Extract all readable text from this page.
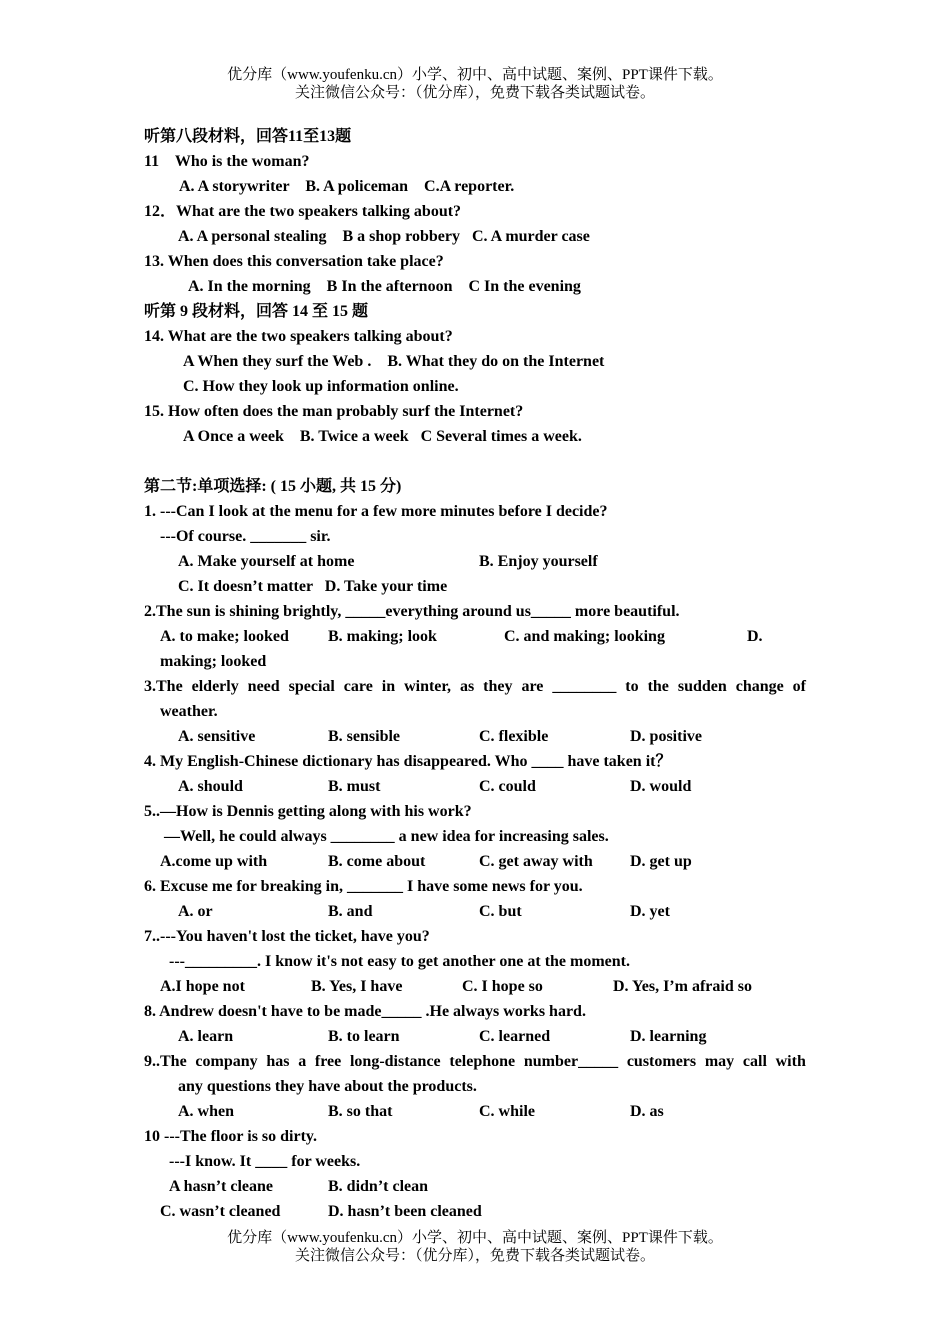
优分库（www.youfenku.cn）小学、初中、高中试题、案例、PPT课件下载。
关注微信公众号：（优分库），免费下载各类试题试卷。
听第八段材料，回答11至13题
11    Who is the woman?
A. A storywriter    B. A policeman    C.A reporter.
12．What are the two speakers talking about?
A. A personal stealing    B a shop robbery   C. A murder case
13. When does this conversation take place?
A. In the morning    B In the afternoon    C In the evening
听第 9 段材料，回答 14 至 15 题
14. What are the two speakers talking about?
A When they surf the Web .    B. What they do on the Internet
C. How they look up information online.
15. How often does the man probably surf the Internet?
A Once a week    B. Twice a week   C Several times a week.
第二节:单项选择: ( 15 小题, 共 15 分)
1. ---Can I look at the menu for a few more minutes before I decide?
---Of course. _______ sir.
A. Make yourself at home	B. Enjoy yourself
C. It doesn’t matter   D. Take your time
2.The sun is shining brightly, _____everything around us_____ more beautiful.
A. to make; looked B. making; look	C. and making; looking	D.
making; looked
3.The elderly need special care in winter, as they are ________ to the sudden change of
weather.
A. sensitive	B. sensible	C. flexible	D. positive
4. My English-Chinese dictionary has disappeared. Who ____ have taken it？
A. should	B. must	C. could	D. would
5..—How is Dennis getting along with his work?
—Well, he could always ________ a new idea for increasing sales.
A.come up with	B. come about	C. get away with D. get up
6. Excuse me for breaking in, _______ I have some news for you.
A. or	B. and	C. but	D. yet
7..---You haven't lost the ticket, have you?
---_________. I know it's not easy to get another one at the moment.
A.I hope not	B. Yes, I have	C. I hope so	D. Yes, I’m afraid so
8. Andrew doesn't have to be made_____ .He always works hard.
A. learn	B. to learn	C. learned	D. learning
9..The company has a free long-distance telephone number_____ customers may call with
any questions they have about the products.
A. when	B. so that	C. while	D. as
10 ---The floor is so dirty.
---I know. It ____ for weeks.
A hasn’t cleane	B. didn’t clean
C. wasn’t cleaned	D. hasn’t been cleaned
优分库（www.youfenku.cn）小学、初中、高中试题、案例、PPT课件下载。
关注微信公众号：（优分库），免费下载各类试题试卷。
